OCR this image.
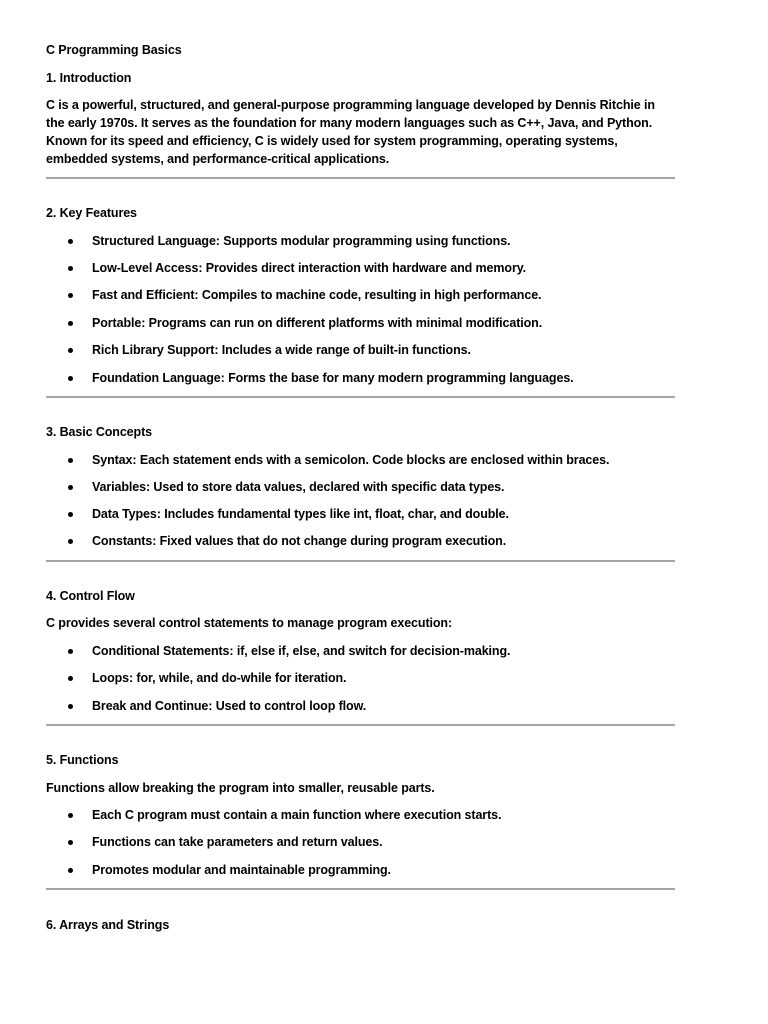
C Programming Basics
1. Introduction
C is a powerful, structured, and general-purpose programming language developed by Dennis Ritchie in the early 1970s. It serves as the foundation for many modern languages such as C++, Java, and Python. Known for its speed and efficiency, C is widely used for system programming, operating systems, embedded systems, and performance-critical applications.
2. Key Features
Structured Language: Supports modular programming using functions.
Low-Level Access: Provides direct interaction with hardware and memory.
Fast and Efficient: Compiles to machine code, resulting in high performance.
Portable: Programs can run on different platforms with minimal modification.
Rich Library Support: Includes a wide range of built-in functions.
Foundation Language: Forms the base for many modern programming languages.
3. Basic Concepts
Syntax: Each statement ends with a semicolon. Code blocks are enclosed within braces.
Variables: Used to store data values, declared with specific data types.
Data Types: Includes fundamental types like int, float, char, and double.
Constants: Fixed values that do not change during program execution.
4. Control Flow
C provides several control statements to manage program execution:
Conditional Statements: if, else if, else, and switch for decision-making.
Loops: for, while, and do-while for iteration.
Break and Continue: Used to control loop flow.
5. Functions
Functions allow breaking the program into smaller, reusable parts.
Each C program must contain a main function where execution starts.
Functions can take parameters and return values.
Promotes modular and maintainable programming.
6. Arrays and Strings
